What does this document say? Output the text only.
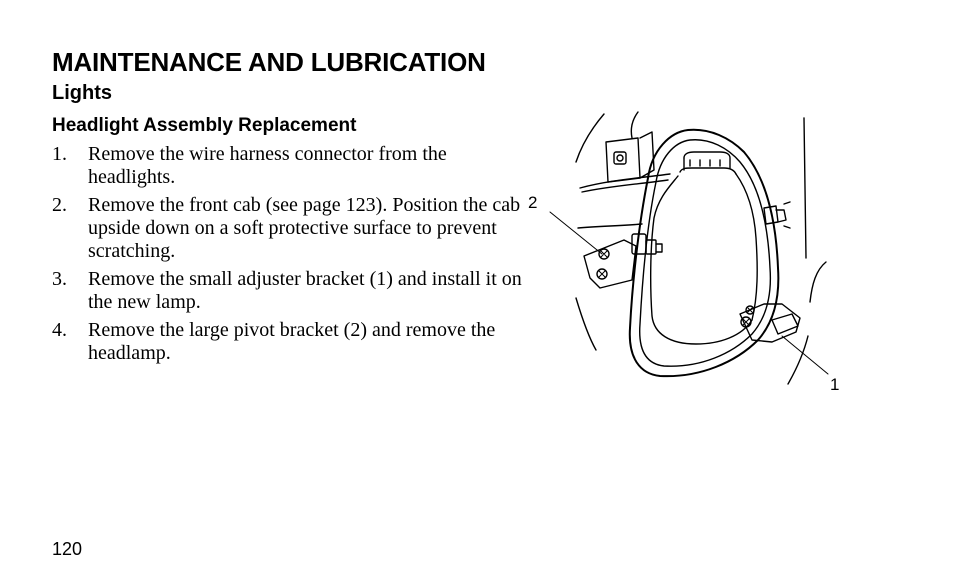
MAINTENANCE AND LUBRICATION
Lights
Headlight Assembly Replacement
1.	Remove the wire harness connector from the headlights.
2.	Remove the front cab (see page 123). Position the cab upside down on a soft protective surface to prevent scratching.
3.	Remove the small adjuster bracket (1) and install it on the new lamp.
4.	Remove the large pivot bracket (2) and remove the headlamp.
2
1
120
